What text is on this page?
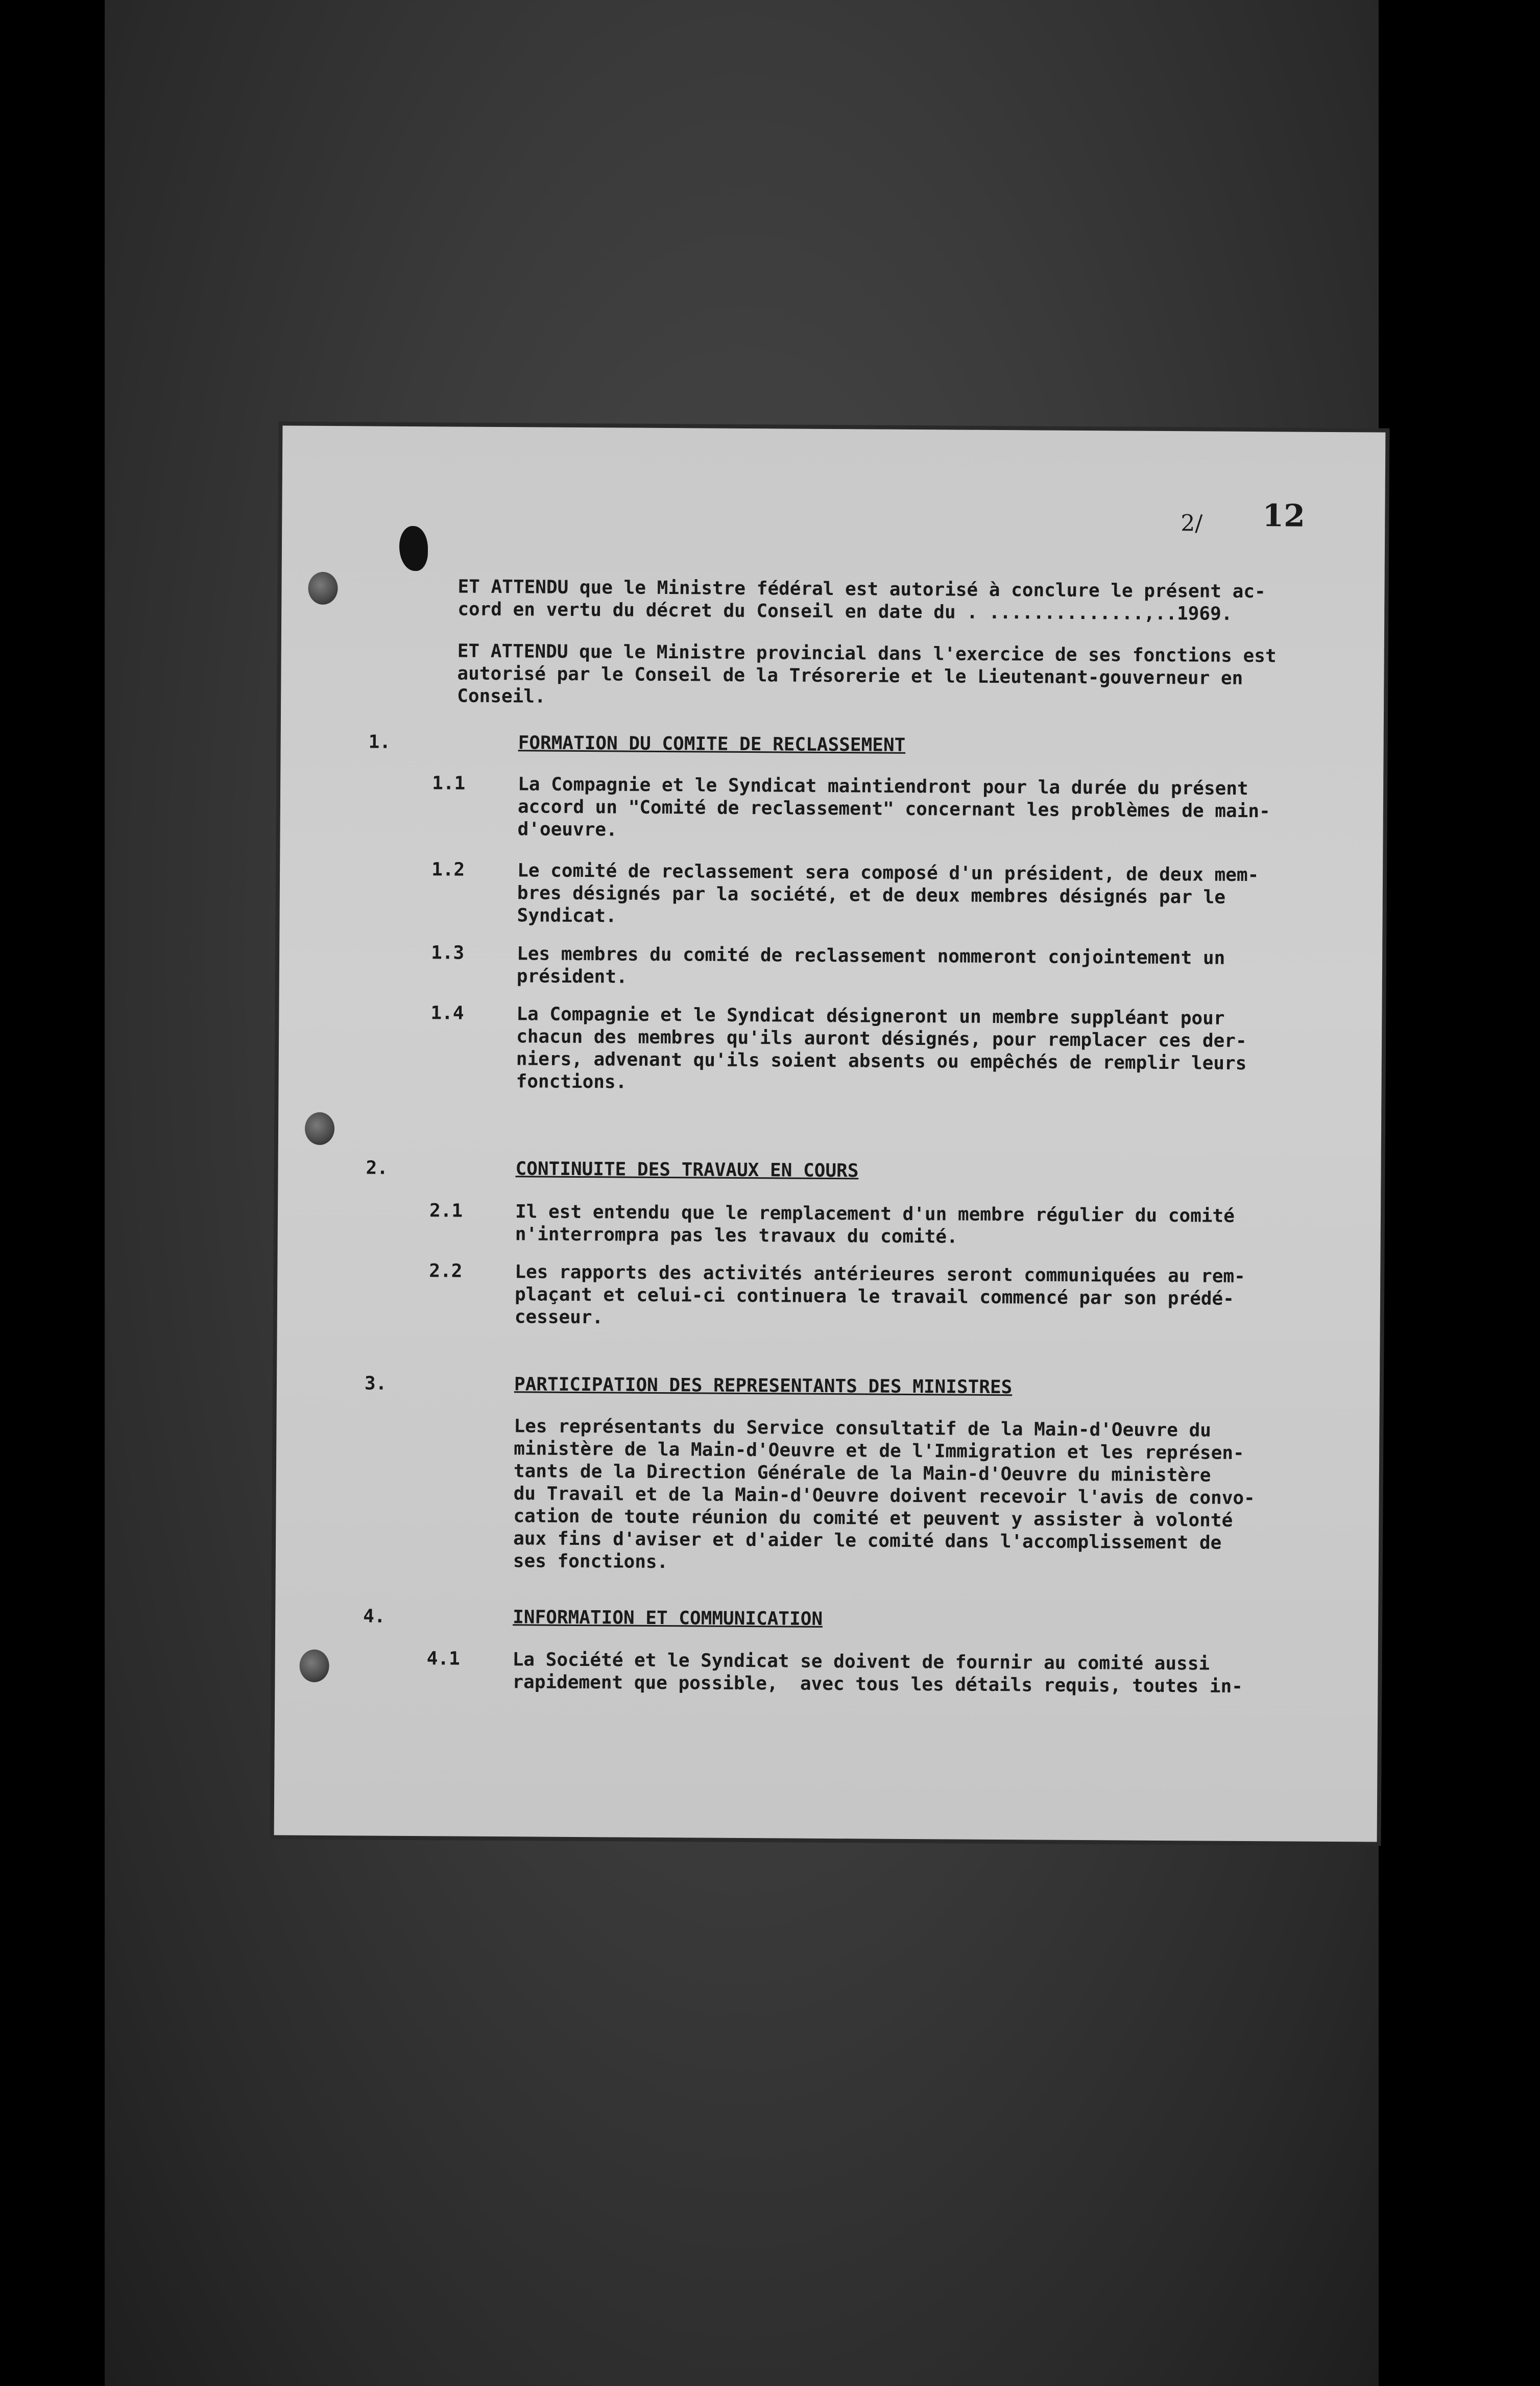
2/ 12
ET ATTENDU que le Ministre fédéral est autorisé à conclure le présent ac-
cord en vertu du décret du Conseil en date du . ..............,..1969.
ET ATTENDU que le Ministre provincial dans l'exercice de ses fonctions est
autorisé par le Conseil de la Trésorerie et le Lieutenant-gouverneur en
Conseil.
1.	FORMATION DU COMITE DE RECLASSEMENT
1.1	La Compagnie et le Syndicat maintiendront pour la durée du présent
accord un "Comité de reclassement" concernant les problèmes de main-
d'oeuvre.
1.2	Le comité de reclassement sera composé d'un président, de deux mem-
bres désignés par la société, et de deux membres désignés par le
Syndicat.
1.3	Les membres du comité de reclassement nommeront conjointement un
président.
1.4	La Compagnie et le Syndicat désigneront un membre suppléant pour
chacun des membres qu'ils auront désignés, pour remplacer ces der-
niers, advenant qu'ils soient absents ou empêchés de remplir leurs
fonctions.
2.	CONTINUITE DES TRAVAUX EN COURS
2.1	Il est entendu que le remplacement d'un membre régulier du comité
n'interrompra pas les travaux du comité.
2.2	Les rapports des activités antérieures seront communiquées au rem-
plaçant et celui-ci continuera le travail commencé par son prédé-
cesseur.
3.	PARTICIPATION DES REPRESENTANTS DES MINISTRES
Les représentants du Service consultatif de la Main-d'Oeuvre du
ministère de la Main-d'Oeuvre et de l'Immigration et les représen-
tants de la Direction Générale de la Main-d'Oeuvre du ministère
du Travail et de la Main-d'Oeuvre doivent recevoir l'avis de convo-
cation de toute réunion du comité et peuvent y assister à volonté
aux fins d'aviser et d'aider le comité dans l'accomplissement de
ses fonctions.
4.	INFORMATION ET COMMUNICATION
4.1	La Société et le Syndicat se doivent de fournir au comité aussi
rapidement que possible,  avec tous les détails requis, toutes in-
